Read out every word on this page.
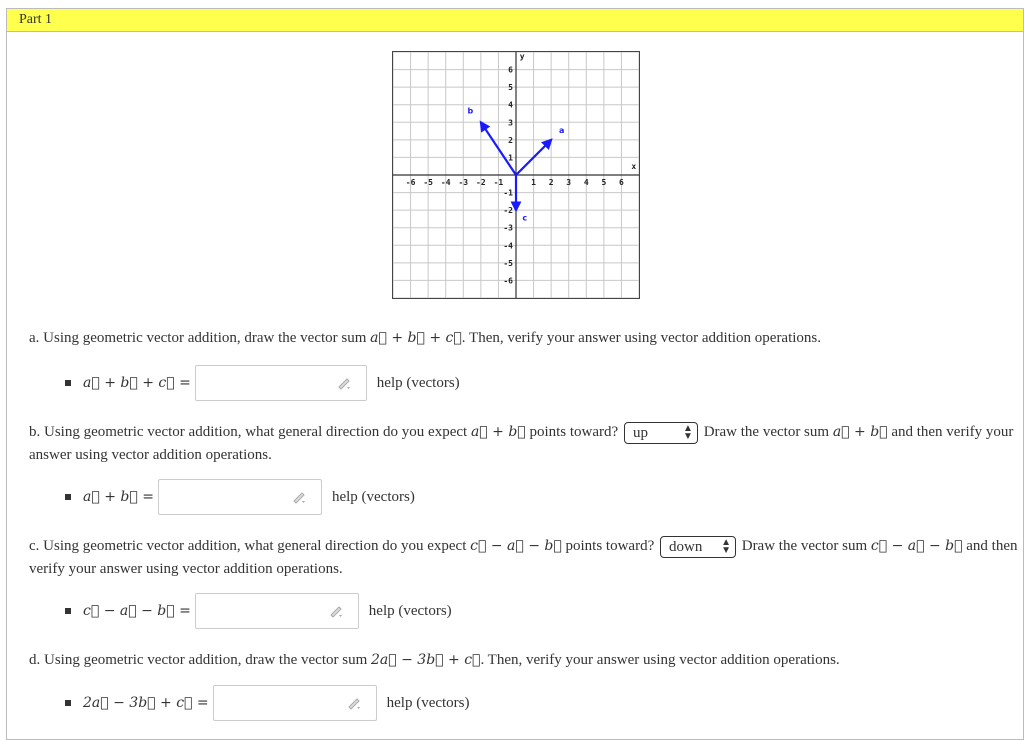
Part 1
x
y
-6 -5 -4 -3 -2 -1	1 2 3 4 5 6
6
5
4
3
2
1
-1
-2
-3
-4
-5
-6
a
b
c
a. Using geometric vector addition, draw the vector sum a⃗ + b⃗ + c⃗. Then, verify your answer using vector addition operations.
a⃗ + b⃗ + c⃗ =	help (vectors)
b. Using geometric vector addition, what general direction do you expect a⃗ + b⃗ points toward? up	▲
▼ Draw the vector sum a⃗ + b⃗ and then verify your answer using vector addition operations.
a⃗ + b⃗ =	help (vectors)
c. Using geometric vector addition, what general direction do you expect c⃗ − a⃗ − b⃗ points toward? down ▲
▼ Draw the vector sum c⃗ − a⃗ − b⃗ and then verify your answer using vector addition operations.
c⃗ − a⃗ − b⃗ =	help (vectors)
d. Using geometric vector addition, draw the vector sum 2a⃗ − 3b⃗ + c⃗. Then, verify your answer using vector addition operations.
2a⃗ − 3b⃗ + c⃗ =	help (vectors)
